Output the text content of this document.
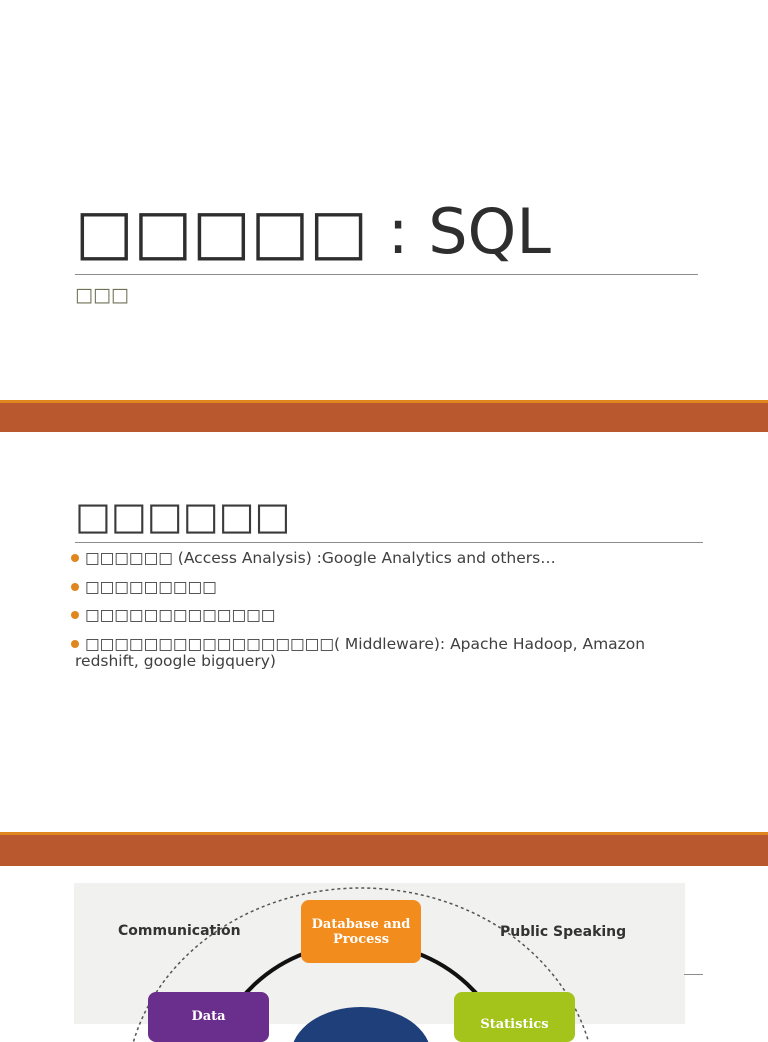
□□□□□ : SQL
□□□
□□□□□□
□□□□□□ (Access Analysis) :Google Analytics and others…
□□□□□□□□□
□□□□□□□□□□□□□
□□□□□□□□□□□□□□□□□( Middleware): Apache Hadoop, Amazon redshift, google bigquery)
Communication	Public Speaking
Database and Process
Data
Statistics
